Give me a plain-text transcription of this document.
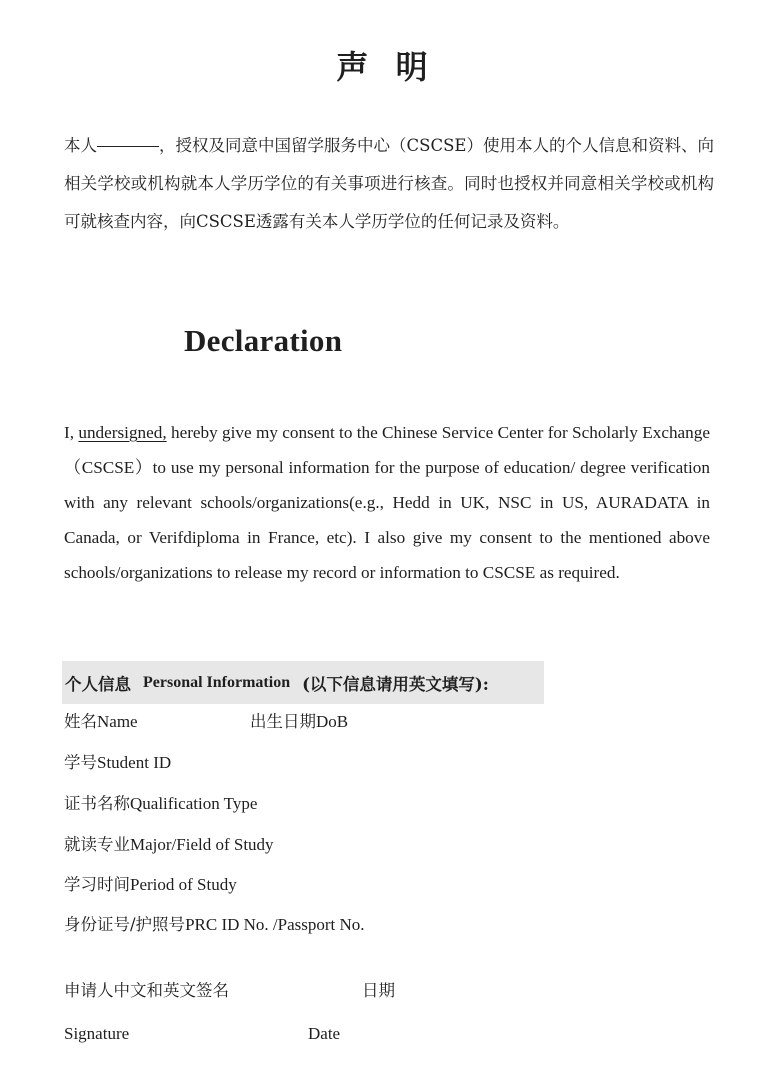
声 明
本人	，授权及同意中国留学服务中心（CSCSE）使用本人的个人信息和资料、向相关学校或机构就本人学历学位的有关事项进行核查。同时也授权并同意相关学校或机构可就核查内容，向CSCSE透露有关本人学历学位的任何记录及资料。
Declaration
I, undersigned, hereby give my consent to the Chinese Service Center for Scholarly Exchange（CSCSE）to use my personal information for the purpose of education/ degree verification with any relevant schools/organizations(e.g., Hedd in UK, NSC in US, AURADATA in Canada, or Verifdiploma in France, etc). I also give my consent to the mentioned above schools/organizations to release my record or information to CSCSE as required.
个人信息 Personal Information (以下信息请用英文填写):
姓名Name	出生日期DoB
学号Student ID
证书名称Qualification Type
就读专业Major/Field of Study
学习时间Period of Study
身份证号/护照号PRC ID No. /Passport No.
申请人中文和英文签名	日期
Signature	Date
